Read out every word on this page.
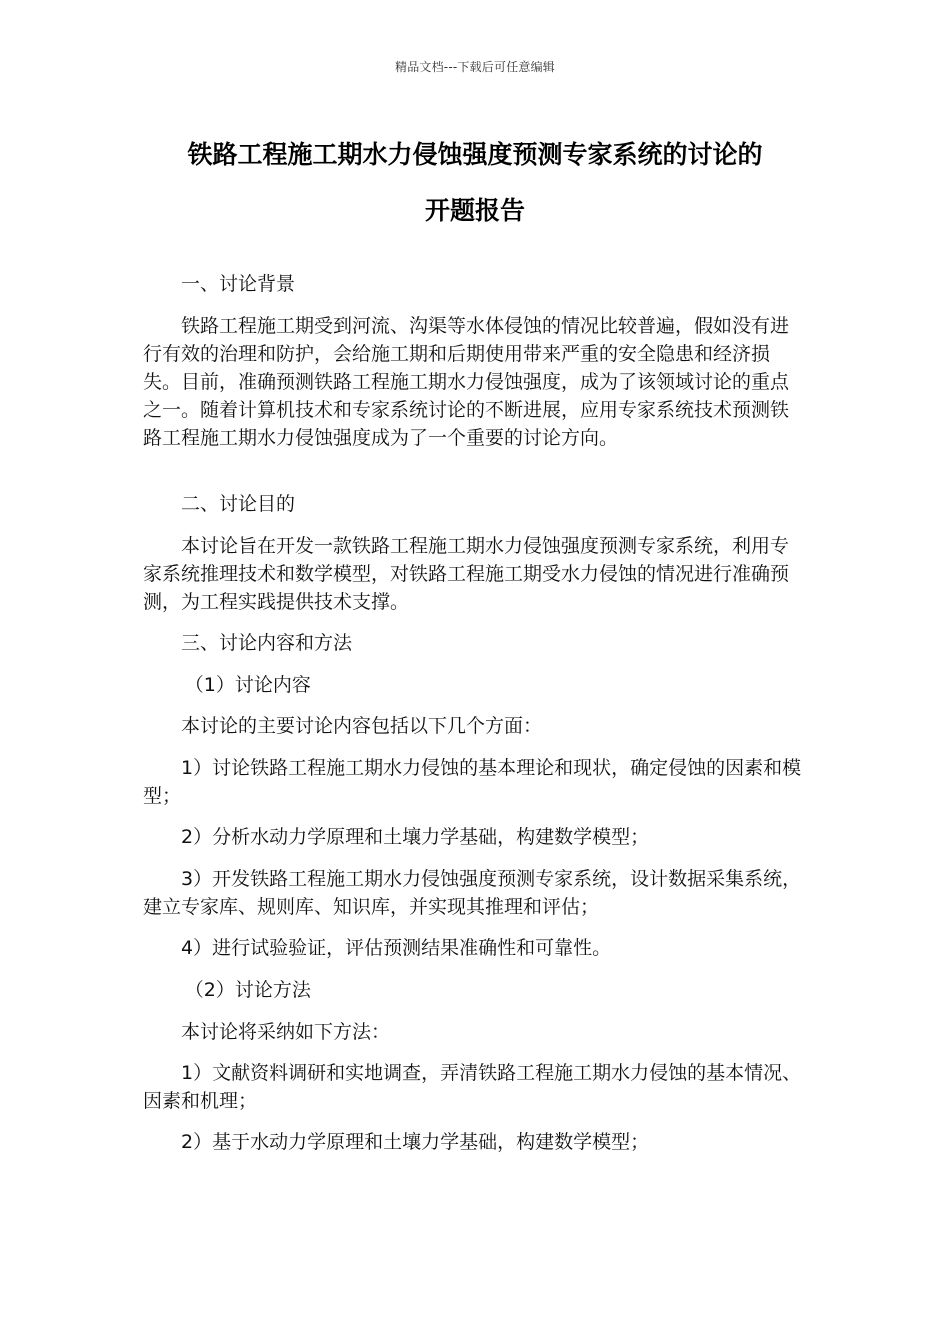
精品文档---下载后可任意编辑
铁路工程施工期水力侵蚀强度预测专家系统的讨论的
开题报告

一、讨论背景

铁路工程施工期受到河流、沟渠等水体侵蚀的情况比较普遍，假如没有进行有效的治理和防护，会给施工期和后期使用带来严重的安全隐患和经济损失。目前，准确预测铁路工程施工期水力侵蚀强度，成为了该领域讨论的重点之一。随着计算机技术和专家系统讨论的不断进展，应用专家系统技术预测铁路工程施工期水力侵蚀强度成为了一个重要的讨论方向。

二、讨论目的

本讨论旨在开发一款铁路工程施工期水力侵蚀强度预测专家系统，利用专家系统推理技术和数学模型，对铁路工程施工期受水力侵蚀的情况进行准确预测，为工程实践提供技术支撑。

三、讨论内容和方法

（1）讨论内容

本讨论的主要讨论内容包括以下几个方面：

1）讨论铁路工程施工期水力侵蚀的基本理论和现状，确定侵蚀的因素和模型；

2）分析水动力学原理和土壤力学基础，构建数学模型；

3）开发铁路工程施工期水力侵蚀强度预测专家系统，设计数据采集系统，建立专家库、规则库、知识库，并实现其推理和评估；

4）进行试验验证，评估预测结果准确性和可靠性。

（2）讨论方法

本讨论将采纳如下方法：

1）文献资料调研和实地调查，弄清铁路工程施工期水力侵蚀的基本情况、因素和机理；

2）基于水动力学原理和土壤力学基础，构建数学模型；
